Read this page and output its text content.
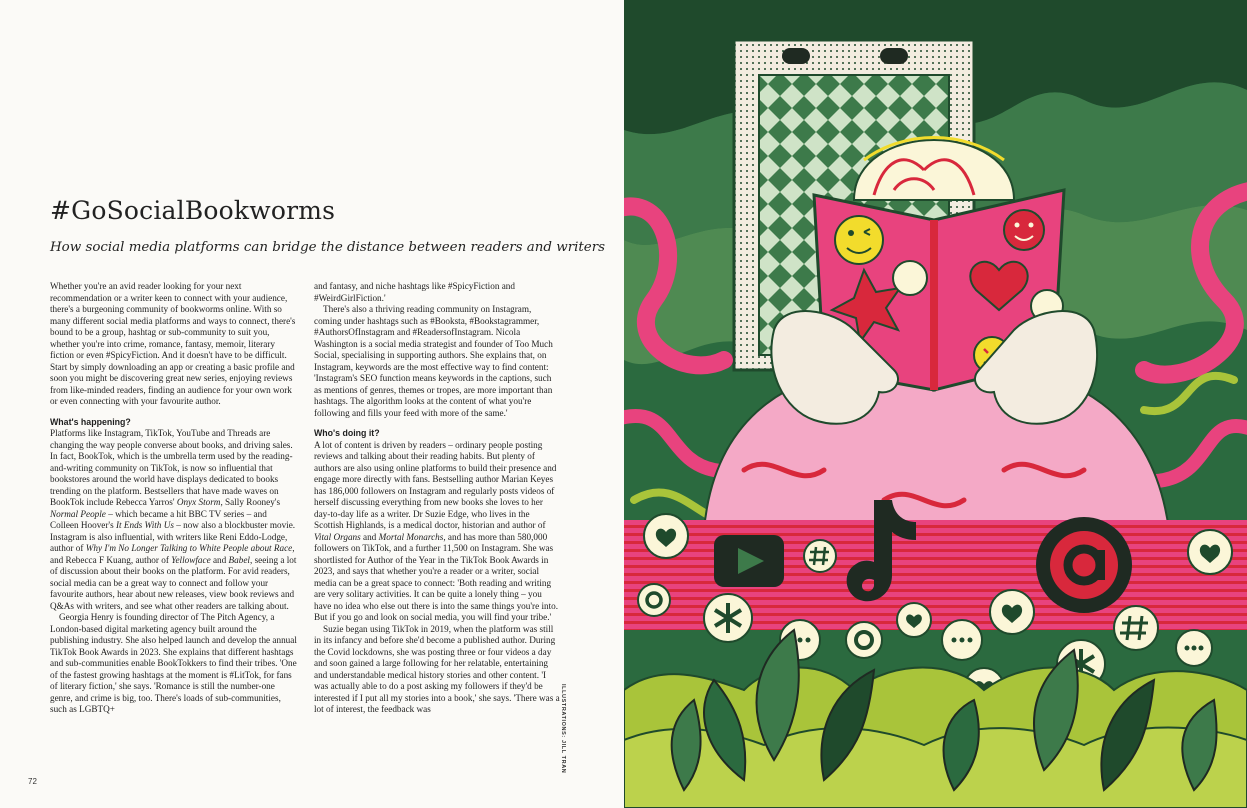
#GoSocialBookworms

How social media platforms can bridge the distance between readers and writers

Whether you're an avid reader looking for your next recommendation or a writer keen to connect with your audience, there's a burgeoning community of bookworms online. With so many different social media platforms and ways to connect, there's bound to be a group, hashtag or sub-community to suit you, whether you're into crime, romance, fantasy, memoir, literary fiction or even #SpicyFiction. And it doesn't have to be difficult. Start by simply downloading an app or creating a basic profile and soon you might be discovering great new series, enjoying reviews from like-minded readers, finding an audience for your own work or even connecting with your favourite author.

What's happening?

Platforms like Instagram, TikTok, YouTube and Threads are changing the way people converse about books, and driving sales. In fact, BookTok, which is the umbrella term used by the reading-and-writing community on TikTok, is now so influential that bookstores around the world have displays dedicated to books trending on the platform. Bestsellers that have made waves on BookTok include Rebecca Yarros' Onyx Storm, Sally Rooney's Normal People – which became a hit BBC TV series – and Colleen Hoover's It Ends With Us – now also a blockbuster movie. Instagram is also influential, with writers like Reni Eddo-Lodge, author of Why I'm No Longer Talking to White People about Race, and Rebecca F Kuang, author of Yellowface and Babel, seeing a lot of discussion about their books on the platform. For avid readers, social media can be a great way to connect and follow your favourite authors, hear about new releases, view book reviews and Q&As with writers, and see what other readers are talking about.

Georgia Henry is founding director of The Pitch Agency, a London-based digital marketing agency built around the publishing industry. She also helped launch and develop the annual TikTok Book Awards in 2023. She explains that different hashtags and sub-communities enable BookTokkers to find their tribes. 'One of the fastest growing hashtags at the moment is #LitTok, for fans of literary fiction,' she says. 'Romance is still the number-one genre, and crime is big, too. There's loads of sub-communities, such as LGBTQ+

and fantasy, and niche hashtags like #SpicyFiction and #WeirdGirlFiction.'

There's also a thriving reading community on Instagram, coming under hashtags such as #Booksta, #Bookstagrammer, #AuthorsOfInstagram and #ReadersofInstagram. Nicola Washington is a social media strategist and founder of Too Much Social, specialising in supporting authors. She explains that, on Instagram, keywords are the most effective way to find content: 'Instagram's SEO function means keywords in the captions, such as mentions of genres, themes or tropes, are more important than hashtags. The algorithm looks at the content of what you're following and fills your feed with more of the same.'

Who's doing it?

A lot of content is driven by readers – ordinary people posting reviews and talking about their reading habits. But plenty of authors are also using online platforms to build their presence and engage more directly with fans. Bestselling author Marian Keyes has 186,000 followers on Instagram and regularly posts videos of herself discussing everything from new books she loves to her day-to-day life as a writer. Dr Suzie Edge, who lives in the Scottish Highlands, is a medical doctor, historian and author of Vital Organs and Mortal Monarchs, and has more than 580,000 followers on TikTok, and a further 11,500 on Instagram. She was shortlisted for Author of the Year in the TikTok Book Awards in 2023, and says that whether you're a reader or a writer, social media can be a great space to connect: 'Both reading and writing are very solitary activities. It can be quite a lonely thing – you have no idea who else out there is into the same things you're into. But if you go and look on social media, you will find your tribe.'

Suzie began using TikTok in 2019, when the platform was still in its infancy and before she'd become a published author. During the Covid lockdowns, she was posting three or four videos a day and soon gained a large following for her relatable, entertaining and understandable medical history stories and other content. 'I was actually able to do a post asking my followers if they'd be interested if I put all my stories into a book,' she says. 'There was a lot of interest, the feedback was

72
ILLUSTRATIONS: JILL TRAN
